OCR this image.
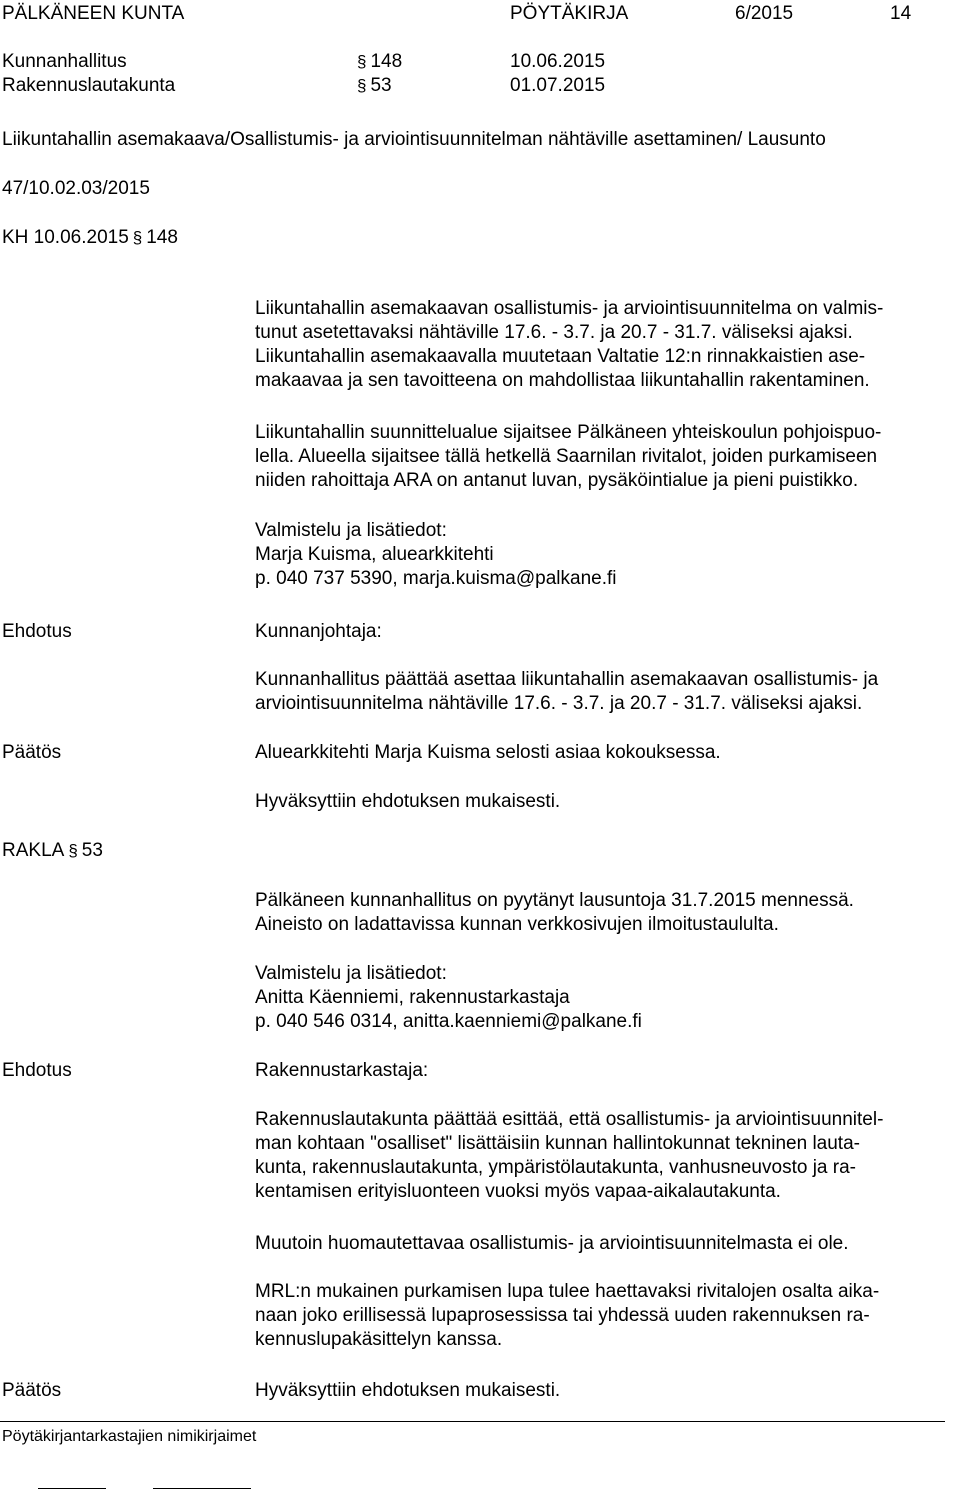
PÄLKÄNEEN KUNTA	PÖYTÄKIRJA	6/2015	14
Kunnanhallitus	§ 148	10.06.2015
Rakennuslautakunta	§ 53	01.07.2015
Liikuntahallin asemakaava/Osallistumis- ja arviointisuunnitelman nähtäville asettaminen/ Lausunto
47/10.02.03/2015
KH 10.06.2015 § 148
Liikuntahallin asemakaavan osallistumis- ja arviointisuunnitelma on valmis-
tunut asetettavaksi nähtäville 17.6. - 3.7. ja 20.7 - 31.7. väliseksi ajaksi.
Liikuntahallin asemakaavalla muutetaan Valtatie 12:n rinnakkaistien ase-
makaavaa ja sen tavoitteena on mahdollistaa liikuntahallin rakentaminen.
Liikuntahallin suunnittelualue sijaitsee Pälkäneen yhteiskoulun pohjoispuo-
lella. Alueella sijaitsee tällä hetkellä Saarnilan rivitalot, joiden purkamiseen
niiden rahoittaja ARA on antanut luvan, pysäköintialue ja pieni puistikko.
Valmistelu ja lisätiedot:
Marja Kuisma, aluearkkitehti
p. 040 737 5390, marja.kuisma@palkane.fi
Ehdotus	Kunnanjohtaja:
Kunnanhallitus päättää asettaa liikuntahallin asemakaavan osallistumis- ja
arviointisuunnitelma nähtäville 17.6. - 3.7. ja 20.7 - 31.7. väliseksi ajaksi.
Päätös	Aluearkkitehti Marja Kuisma selosti asiaa kokouksessa.
Hyväksyttiin ehdotuksen mukaisesti.
RAKLA § 53
Pälkäneen kunnanhallitus on pyytänyt lausuntoja 31.7.2015 mennessä.
Aineisto on ladattavissa kunnan verkkosivujen ilmoitustaululta.
Valmistelu ja lisätiedot:
Anitta Käenniemi, rakennustarkastaja
p. 040 546 0314, anitta.kaenniemi@palkane.fi
Ehdotus	Rakennustarkastaja:
Rakennuslautakunta päättää esittää, että osallistumis- ja arviointisuunnitel-
man kohtaan "osalliset" lisättäisiin kunnan hallintokunnat tekninen lauta-
kunta, rakennuslautakunta, ympäristölautakunta, vanhusneuvosto ja ra-
kentamisen erityisluonteen vuoksi myös vapaa-aikalautakunta.
Muutoin huomautettavaa osallistumis- ja arviointisuunnitelmasta ei ole.
MRL:n mukainen purkamisen lupa tulee haettavaksi rivitalojen osalta aika-
naan joko erillisessä lupaprosessissa tai yhdessä uuden rakennuksen ra-
kennuslupakäsittelyn kanssa.
Päätös	Hyväksyttiin ehdotuksen mukaisesti.
Pöytäkirjantarkastajien nimikirjaimet
